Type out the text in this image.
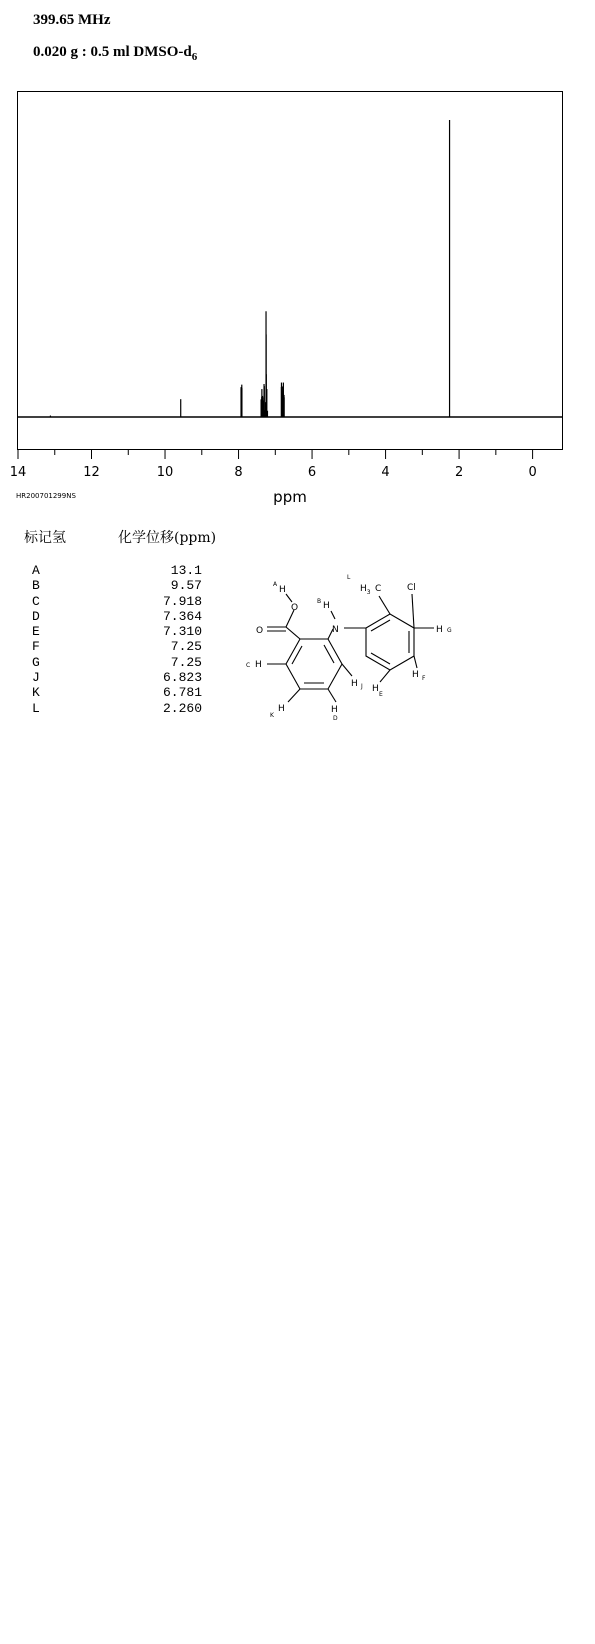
399.65 MHz
0.020 g : 0.5 ml DMSO-$d_6$
14	12	10	8	6	4	2	0
ppm
HR200701299NS
标记氢	化学位移(ppm)
A	13.1
B	9.57
C	7.918
D	7.364
E	7.310
F	7.25
G	7.25
J	6.823
K	6.781
L	2.260
O
O	N
Cl
C
$H_3$
H
H
H
H
H
H
H
H
H
A
B
C
D
E
F
G
J
K
L
